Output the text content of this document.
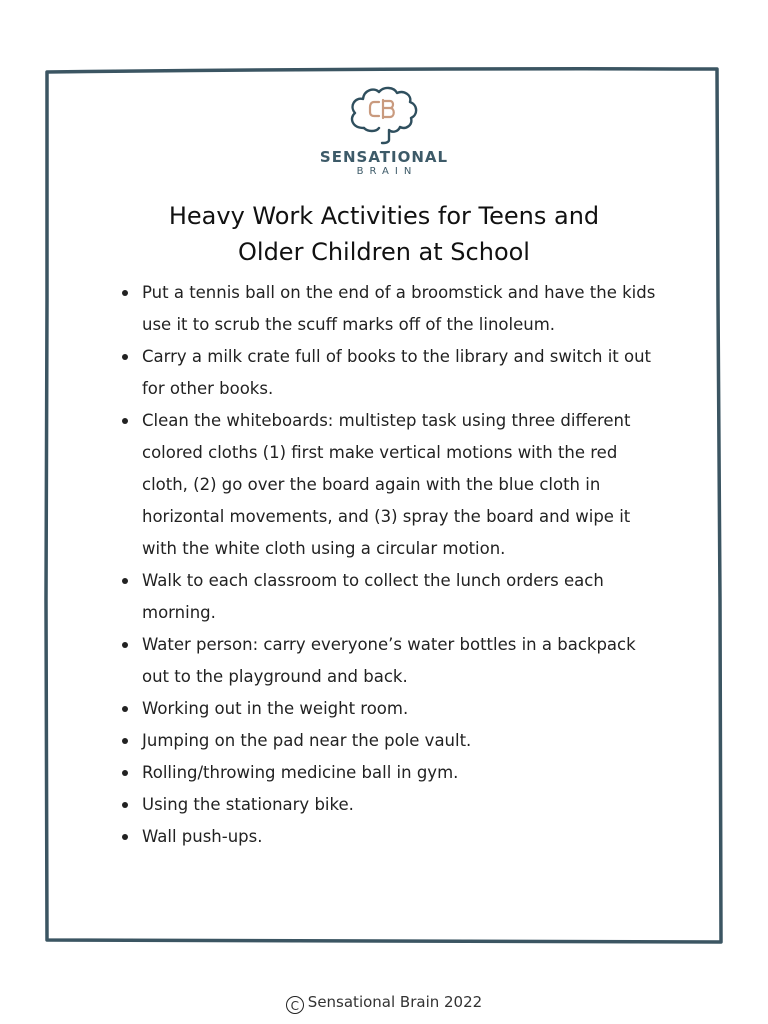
SENSATIONAL
BRAIN
Heavy Work Activities for Teens and
Older Children at School
Put a tennis ball on the end of a broomstick and have the kids use it to scrub the scuff marks off of the linoleum.
Carry a milk crate full of books to the library and switch it out for other books.
Clean the whiteboards: multistep task using three different colored cloths (1) first make vertical motions with the red cloth, (2) go over the board again with the blue cloth in horizontal movements, and (3) spray the board and wipe it with the white cloth using a circular motion.
Walk to each classroom to collect the lunch orders each morning.
Water person: carry everyone’s water bottles in a backpack out to the playground and back.
Working out in the weight room.
Jumping on the pad near the pole vault.
Rolling/throwing medicine ball in gym.
Using the stationary bike.
Wall push-ups.
C Sensational Brain 2022
